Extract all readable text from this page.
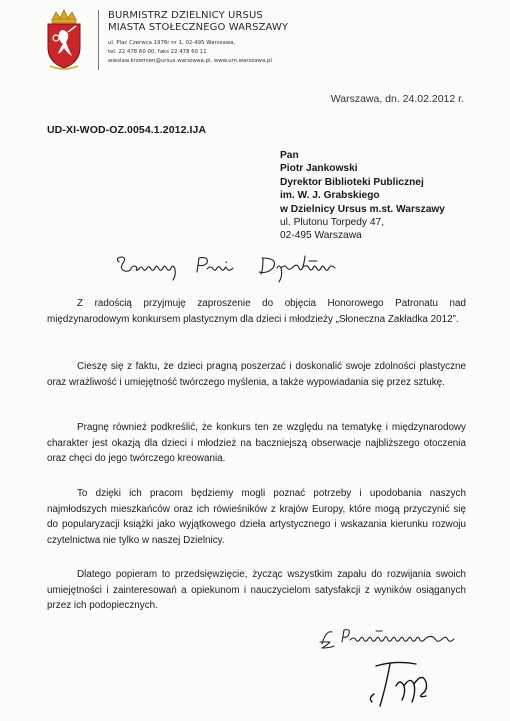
BURMISTRZ DZIELNICY URSUS
MIASTA STOŁECZNEGO WARSZAWY
ul. Plac Czerwca 1976r nr 1, 02-495 Warszawa,
tel. 22 478 60 00, faks 22 478 60 11
wieslaw.krzemien@ursus.warszawa.pl, www.um.warszawa.pl
Warszawa, dn. 24.02.2012 r.
UD-XI-WOD-OZ.0054.1.2012.IJA
Pan
Piotr Jankowski
Dyrektor Biblioteki Publicznej
im. W. J. Grabskiego
w Dzielnicy Ursus m.st. Warszawy
ul. Plutonu Torpedy 47,
02-495 Warszawa
Z radością przyjmuję zaproszenie do objęcia Honorowego Patronatu nad międzynarodowym konkursem plastycznym dla dzieci i młodzieży „Słoneczna Zakładka 2012”.
Cieszę się z faktu, że dzieci pragną poszerzać i doskonalić swoje zdolności plastyczne oraz wrażliwość i umiejętność twórczego myślenia, a także wypowiadania się przez sztukę.
Pragnę również podkreślić, że konkurs ten ze względu na tematykę i międzynarodowy charakter jest okazją dla dzieci i młodzież na baczniejszą obserwacje najbliższego otoczenia oraz chęci do jego twórczego kreowania.
To dzięki ich pracom będziemy mogli poznać potrzeby i upodobania naszych najmłodszych mieszkańców oraz ich rówieśników z krajów Europy, które mogą przyczynić się do popularyzacji książki jako wyjątkowego dzieła artystycznego i wskazania kierunku rozwoju czytelnictwa nie tylko w naszej Dzielnicy.
Dlatego popieram to przedsięwzięcie, życząc wszystkim zapału do rozwijania swoich umiejętności i zainteresowań a opiekunom i nauczycielom satysfakcji z wyników osiąganych przez ich podopiecznych.
